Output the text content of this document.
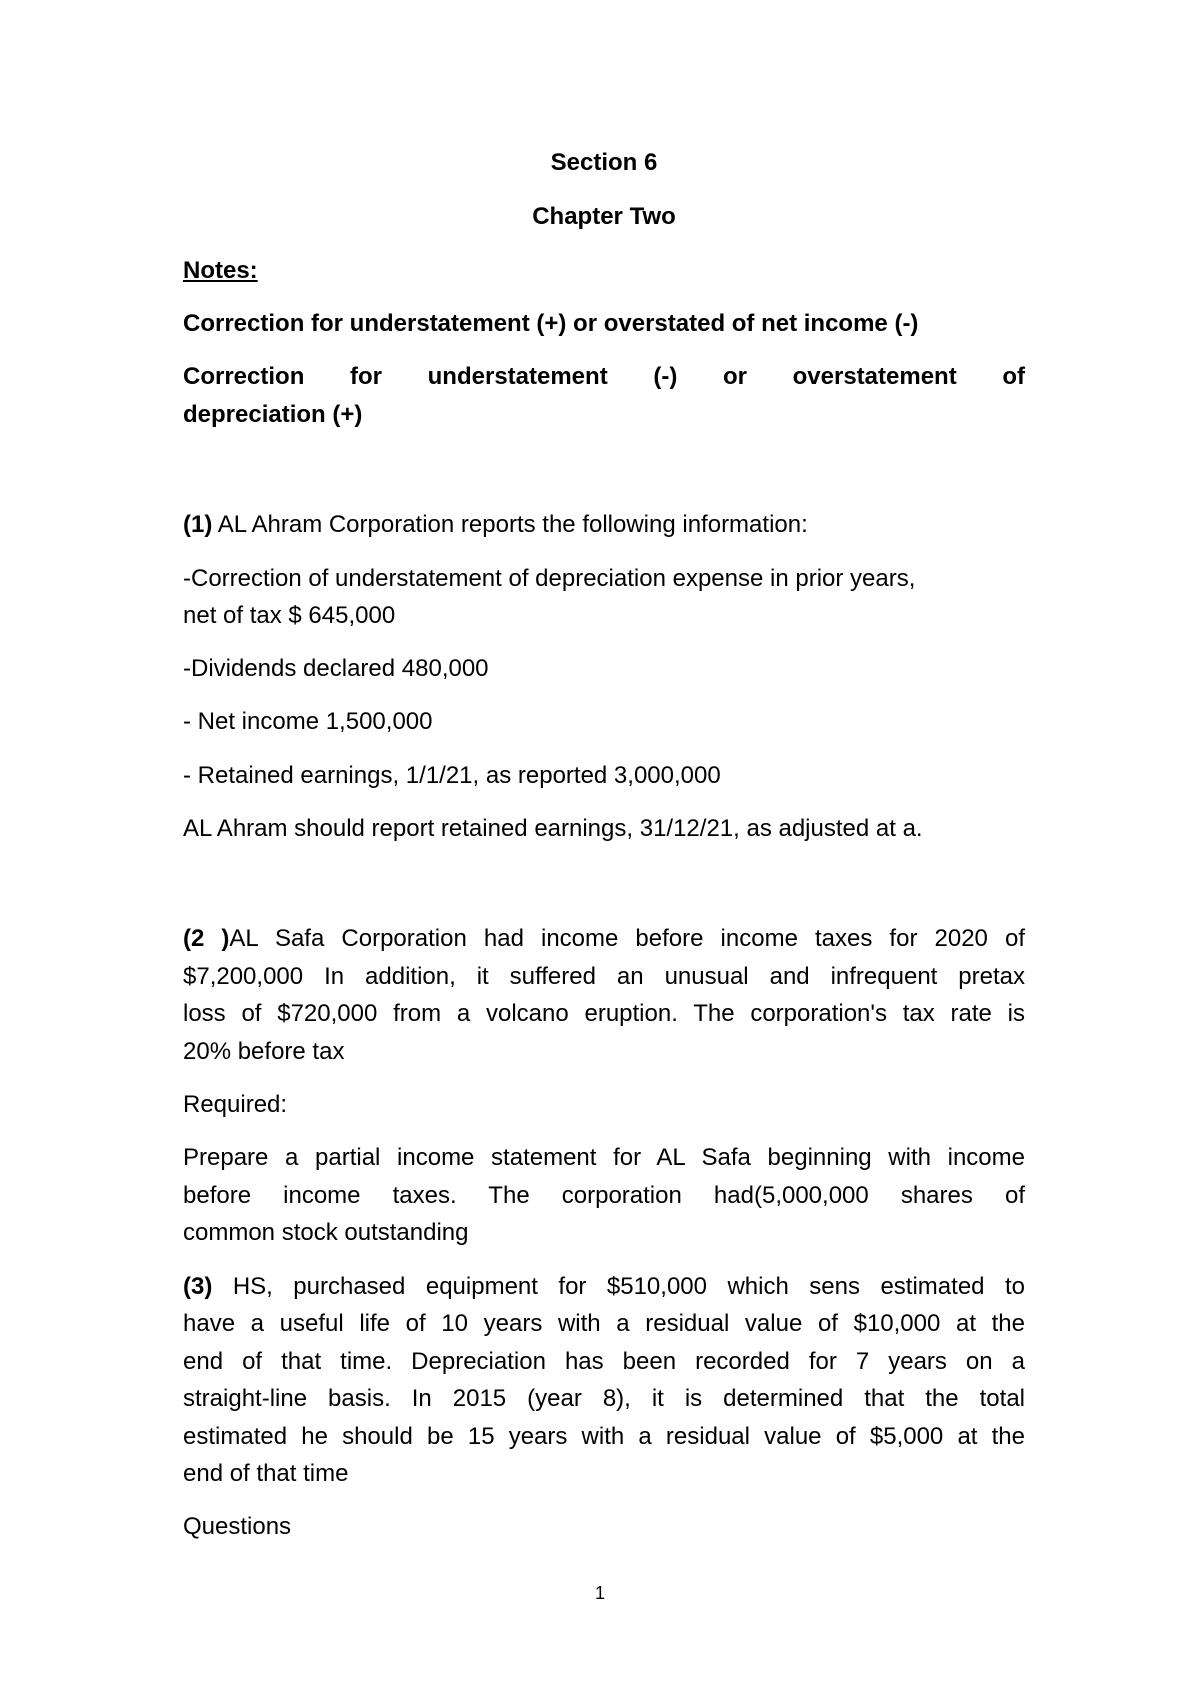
Section 6
Chapter Two

Notes:

Correction for understatement (+) or overstated of net income (-)

Correction for understatement (-) or overstatement of

depreciation (+)

(1) AL Ahram Corporation reports the following information:

-Correction of understatement of depreciation expense in prior years,

net of tax $ 645,000

-Dividends declared 480,000

- Net income 1,500,000

- Retained earnings, 1/1/21, as reported 3,000,000

AL Ahram should report retained earnings, 31/12/21, as adjusted at a.

(2 )AL Safa Corporation had income before income taxes for 2020 of

$7,200,000 In addition, it suffered an unusual and infrequent pretax

loss of $720,000 from a volcano eruption. The corporation's tax rate is

20% before tax

Required:

Prepare a partial income statement for AL Safa beginning with income

before income taxes. The corporation had(5,000,000 shares of

common stock outstanding

(3) HS, purchased equipment for $510,000 which sens estimated to

have a useful life of 10 years with a residual value of $10,000 at the

end of that time. Depreciation has been recorded for 7 years on a

straight-line basis. In 2015 (year 8), it is determined that the total

estimated he should be 15 years with a residual value of $5,000 at the

end of that time

Questions

1
